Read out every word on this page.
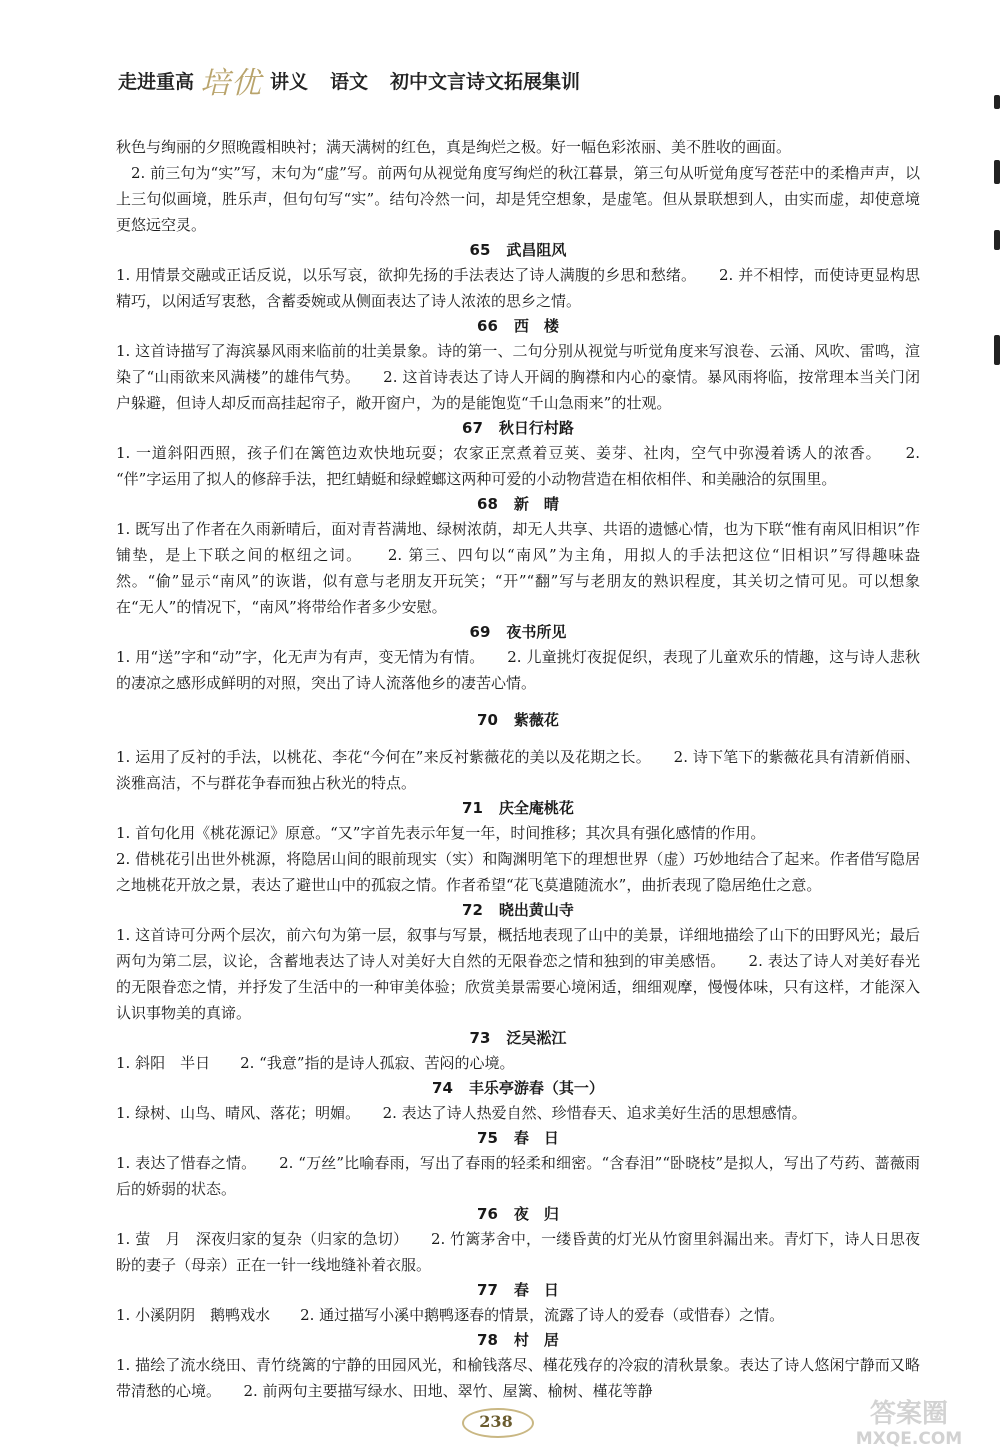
走进重高 培优 讲义 语文 初中文言诗文拓展集训

秋色与绚丽的夕照晚霞相映衬；满天满树的红色，真是绚烂之极。好一幅色彩浓丽、美不胜收的画面。

2. 前三句为“实”写，末句为“虚”写。前两句从视觉角度写绚烂的秋江暮景，第三句从听觉角度写苍茫中的柔橹声声，以上三句似画境，胜乐声，但句句写“实”。结句冷然一问，却是凭空想象，是虚笔。但从景联想到人，由实而虚，却使意境更悠远空灵。

65 武昌阻风

1. 用情景交融或正话反说，以乐写哀，欲抑先扬的手法表达了诗人满腹的乡思和愁绪。　　2. 并不相悖，而使诗更显构思精巧，以闲适写衷愁，含蓄委婉或从侧面表达了诗人浓浓的思乡之情。

66 西　楼

1. 这首诗描写了海滨暴风雨来临前的壮美景象。诗的第一、二句分别从视觉与听觉角度来写浪卷、云涌、风吹、雷鸣，渲染了“山雨欲来风满楼”的雄伟气势。　　2. 这首诗表达了诗人开阔的胸襟和内心的豪情。暴风雨将临，按常理本当关门闭户躲避，但诗人却反而高挂起帘子，敞开窗户，为的是能饱览“千山急雨来”的壮观。

67 秋日行村路

1. 一道斜阳西照，孩子们在篱笆边欢快地玩耍；农家正烹煮着豆荚、姜芽、社肉，空气中弥漫着诱人的浓香。　　2. “伴”字运用了拟人的修辞手法，把红蜻蜓和绿螳螂这两种可爱的小动物营造在相依相伴、和美融洽的氛围里。

68 新　晴

1. 既写出了作者在久雨新晴后，面对青苔满地、绿树浓荫，却无人共享、共语的遗憾心情，也为下联“惟有南风旧相识”作铺垫，是上下联之间的枢纽之词。　　2. 第三、四句以“南风”为主角，用拟人的手法把这位“旧相识”写得趣味盎然。“偷”显示“南风”的诙谐，似有意与老朋友开玩笑；“开”“翻”写与老朋友的熟识程度，其关切之情可见。可以想象在“无人”的情况下，“南风”将带给作者多少安慰。

69 夜书所见

1. 用“送”字和“动”字，化无声为有声，变无情为有情。　　2. 儿童挑灯夜捉促织，表现了儿童欢乐的情趣，这与诗人悲秋的凄凉之感形成鲜明的对照，突出了诗人流落他乡的凄苦心情。

70 紫薇花

1. 运用了反衬的手法，以桃花、李花“今何在”来反衬紫薇花的美以及花期之长。　　2. 诗下笔下的紫薇花具有清新俏丽、淡雅高洁，不与群花争春而独占秋光的特点。

71 庆全庵桃花

1. 首句化用《桃花源记》原意。“又”字首先表示年复一年，时间推移；其次具有强化感情的作用。

2. 借桃花引出世外桃源，将隐居山间的眼前现实（实）和陶渊明笔下的理想世界（虚）巧妙地结合了起来。作者借写隐居之地桃花开放之景，表达了避世山中的孤寂之情。作者希望“花飞莫遣随流水”，曲折表现了隐居绝仕之意。

72 晓出黄山寺

1. 这首诗可分两个层次，前六句为第一层，叙事与写景，概括地表现了山中的美景，详细地描绘了山下的田野风光；最后两句为第二层，议论，含蓄地表达了诗人对美好大自然的无限眷恋之情和独到的审美感悟。　　2. 表达了诗人对美好春光的无限眷恋之情，并抒发了生活中的一种审美体验；欣赏美景需要心境闲适，细细观摩，慢慢体味，只有这样，才能深入认识事物美的真谛。

73 泛吴淞江

1. 斜阳　半日　　2. “我意”指的是诗人孤寂、苦闷的心境。

74 丰乐亭游春（其一）

1. 绿树、山鸟、晴风、落花；明媚。　　2. 表达了诗人热爱自然、珍惜春天、追求美好生活的思想感情。

75 春　日

1. 表达了惜春之情。　　2. “万丝”比喻春雨，写出了春雨的轻柔和细密。“含春泪”“卧晓枝”是拟人，写出了芍药、蔷薇雨后的娇弱的状态。

76 夜　归

1. 萤　月　深夜归家的复杂（归家的急切）　　2. 竹篱茅舍中，一缕昏黄的灯光从竹窗里斜漏出来。青灯下，诗人日思夜盼的妻子（母亲）正在一针一线地缝补着衣服。

77 春　日

1. 小溪阴阴　鹅鸭戏水　　2. 通过描写小溪中鹅鸭逐春的情景，流露了诗人的爱春（或惜春）之情。

78 村　居

1. 描绘了流水绕田、青竹绕篱的宁静的田园风光，和榆钱落尽、槿花残存的冷寂的清秋景象。表达了诗人悠闲宁静而又略带清愁的心境。　　2. 前两句主要描写绿水、田地、翠竹、屋篱、榆树、槿花等静

238	答案圈
MXQE.COM
